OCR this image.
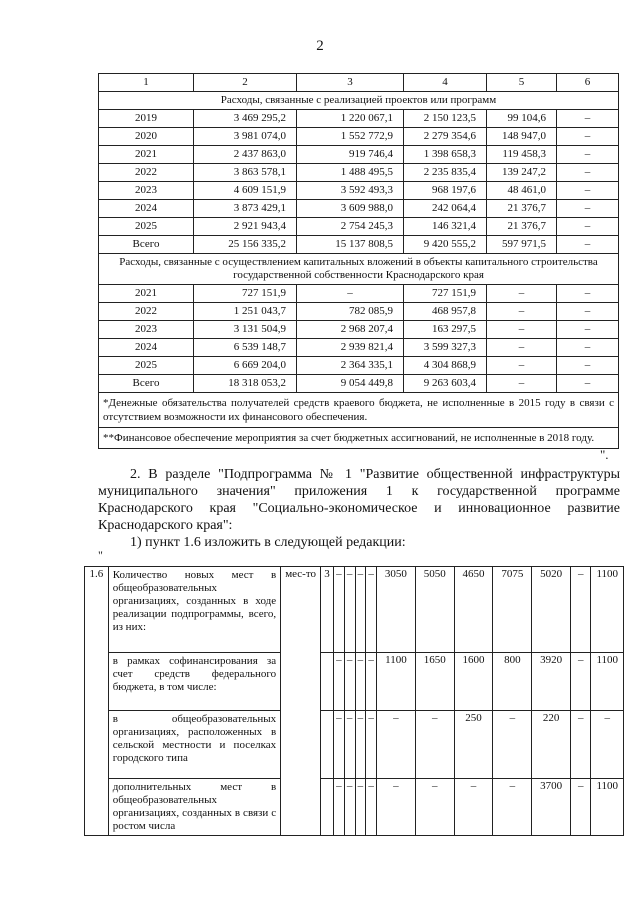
2
1	2	3	4	5	6
Расходы, связанные с реализацией проектов или программ					
2019	3 469 295,2	1 220 067,1	2 150 123,5	99 104,6	–
2020	3 981 074,0	1 552 772,9	2 279 354,6	148 947,0	–
2021	2 437 863,0	919 746,4	1 398 658,3	119 458,3	–
2022	3 863 578,1	1 488 495,5	2 235 835,4	139 247,2	–
2023	4 609 151,9	3 592 493,3	968 197,6	48 461,0	–
2024	3 873 429,1	3 609 988,0	242 064,4	21 376,7	–
2025	2 921 943,4	2 754 245,3	146 321,4	21 376,7	–
Всего	25 156 335,2	15 137 808,5	9 420 555,2	597 971,5	–
Расходы, связанные с осуществлением капитальных вложений в объекты капитального строительства государственной собственности Краснодарского края					
2021	727 151,9	–	727 151,9	–	–
2022	1 251 043,7	782 085,9	468 957,8	–	–
2023	3 131 504,9	2 968 207,4	163 297,5	–	–
2024	6 539 148,7	2 939 821,4	3 599 327,3	–	–
2025	6 669 204,0	2 364 335,1	4 304 868,9	–	–
Всего	18 318 053,2	9 054 449,8	9 263 603,4	–	–
*Денежные обязательства получателей средств краевого бюджета, не исполненные в 2015 году в связи с отсутствием возможности их финансового обеспечения.					
**Финансовое обеспечение мероприятия за счет бюджетных ассигнований, не исполненные в 2018 году.					
".
2. В разделе "Подпрограмма № 1 "Развитие общественной инфраструктуры муниципального значения" приложения 1 к государственной программе Краснодарского края "Социально-экономическое и инновационное развитие Краснодарского края":
1) пункт 1.6 изложить в следующей редакции:
"
1.6	Количество новых мест в общеобразовательных организациях, созданных в ходе реализации подпрограммы, всего, из них:	мес-то	3	–	–	–	–	3050	5050	4650	7075	5020	–	1100
	в рамках софинансирования за счет средств федерального бюджета, в том числе:			–	–	–	–	1100	1650	1600	800	3920	–	1100
	в общеобразовательных организациях, расположенных в сельской местности и поселках городского типа			–	–	–	–	–	–	250	–	220	–	–
	дополнительных мест в общеобразовательных организациях, созданных в связи с ростом числа			–	–	–	–	–	–	–	–	3700	–	1100
